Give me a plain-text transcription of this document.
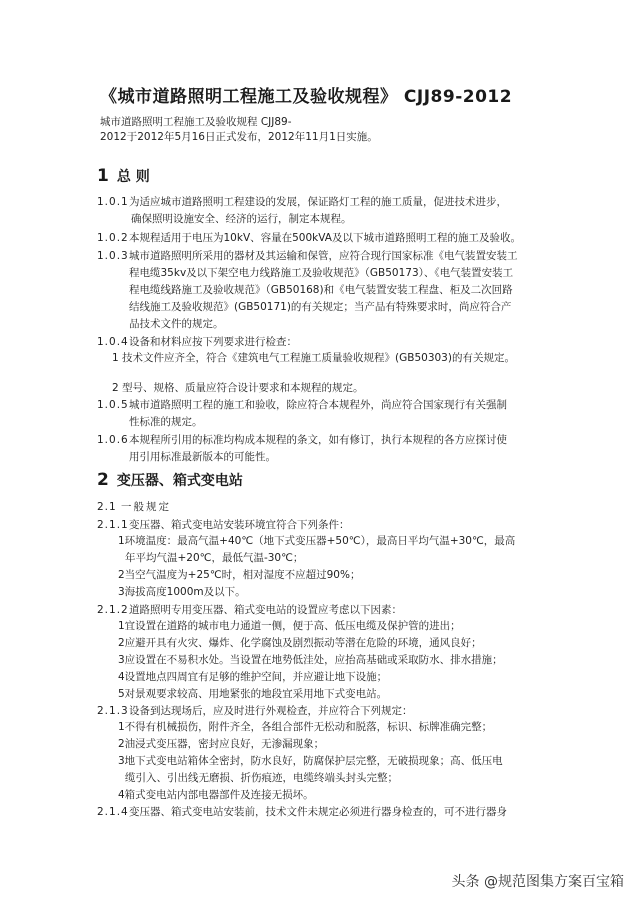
《城市道路照明工程施工及验收规程》 CJJ89-2012
城市道路照明工程施工及验收规程 CJJ89-
2012于2012年5月16日正式发布，2012年11月1日实施。
1 总 则
1.0.1 为适应城市道路照明工程建设的发展，保证路灯工程的施工质量，促进技术进步，
确保照明设施安全、经济的运行，制定本规程。
1.0.2 本规程适用于电压为10kV、容量在500kVA及以下城市道路照明工程的施工及验收。
1.0.3 城市道路照明所采用的器材及其运输和保管，应符合现行国家标准《电气装置安装工
程电缆35kv及以下架空电力线路施工及验收规范》（GB50173）、《电气装置安装工
程电缆线路施工及验收规范》（GB50168)和《电气装置安装工程盘、柜及二次回路
结线施工及验收规范》(GB50171)的有关规定；当产品有特殊要求时，尚应符合产
品技术文件的规定。
1.0.4 设备和材料应按下列要求进行检查：
1 技术文件应齐全，符合《建筑电气工程施工质量验收规程》(GB50303)的有关规定。
2 型号、规格、质量应符合设计要求和本规程的规定。
1.0.5 城市道路照明工程的施工和验收，除应符合本规程外，尚应符合国家现行有关强制
性标准的规定。
1.0.6 本规程所引用的标准均构成本规程的条文，如有修订，执行本规程的各方应探讨使
用引用标准最新版本的可能性。
2 变压器、箱式变电站
2.1 一般规定
2.1.1 变压器、箱式变电站安装环境宜符合下列条件：
1环境温度：最高气温+40℃（地下式变压器+50℃），最高日平均气温+30℃，最高
年平均气温+20℃，最低气温-30℃；
2当空气温度为+25℃时，相对湿度不应超过90%；
3海拔高度1000m及以下。
2.1.2 道路照明专用变压器、箱式变电站的设置应考虑以下因素：
1宜设置在道路的城市电力通道一侧，便于高、低压电缆及保护管的进出；
2应避开具有火灾、爆炸、化学腐蚀及剧烈振动等潜在危险的环境，通风良好；
3应设置在不易积水处。当设置在地势低洼处，应抬高基础或采取防水、排水措施；
4设置地点四周宜有足够的维护空间，并应避让地下设施；
5对景观要求较高、用地紧张的地段宜采用地下式变电站。
2.1.3 设备到达现场后，应及时进行外观检查，并应符合下列规定：
1不得有机械损伤，附件齐全，各组合部件无松动和脱落，标识、标牌准确完整；
2油浸式变压器，密封应良好，无渗漏现象；
3地下式变电站箱体全密封，防水良好，防腐保护层完整，无破损现象；高、低压电
缆引入、引出线无磨损、折伤痕迹，电缆终端头封头完整；
4箱式变电站内部电器部件及连接无损坏。
2.1.4 变压器、箱式变电站安装前，技术文件未规定必须进行器身检查的，可不进行器身
头条 @规范图集方案百宝箱
